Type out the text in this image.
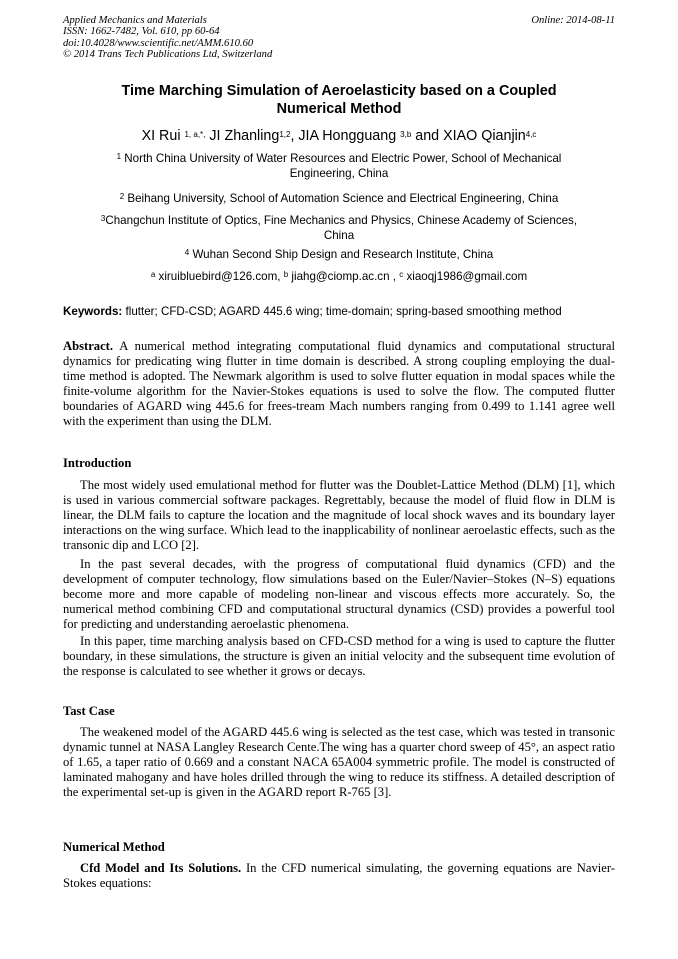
Applied Mechanics and Materials
ISSN: 1662-7482, Vol. 610, pp 60-64
doi:10.4028/www.scientific.net/AMM.610.60
© 2014 Trans Tech Publications Ltd, Switzerland
Online: 2014-08-11
Time Marching Simulation of Aeroelasticity based on a Coupled
Numerical Method
XI Rui $^{1, a,*,}$ JI Zhanling$^{1,2}$, JIA Hongguang $^{3,b}$ and XIAO Qianjin$^{4,c}$
$^1$ North China University of Water Resources and Electric Power, School of Mechanical
Engineering, China
$^2$ Beihang University, School of Automation Science and Electrical Engineering, China
$^3$Changchun Institute of Optics, Fine Mechanics and Physics, Chinese Academy of Sciences,
China
$^4$ Wuhan Second Ship Design and Research Institute, China
$^a$ xiruibluebird@126.com, $^b$ jiahg@ciomp.ac.cn , $^c$ xiaoqj1986@gmail.com
Keywords: flutter; CFD-CSD; AGARD 445.6 wing; time-domain; spring-based smoothing method
Abstract. A numerical method integrating computational fluid dynamics and computational structural dynamics for predicating wing flutter in time domain is described. A strong coupling employing the dual-time method is adopted. The Newmark algorithm is used to solve flutter equation in modal spaces while the finite-volume algorithm for the Navier-Stokes equations is used to solve the flow. The computed flutter boundaries of AGARD wing 445.6 for frees-tream Mach numbers ranging from 0.499 to 1.141 agree well with the experiment than using the DLM.
Introduction
The most widely used emulational method for flutter was the Doublet-Lattice Method (DLM) [1], which is used in various commercial software packages. Regrettably, because the model of fluid flow in DLM is linear, the DLM fails to capture the location and the magnitude of local shock waves and its boundary layer interactions on the wing surface. Which lead to the inapplicability of nonlinear aeroelastic effects, such as the transonic dip and LCO [2].
In the past several decades, with the progress of computational fluid dynamics (CFD) and the development of computer technology, flow simulations based on the Euler/Navier–Stokes (N–S) equations become more and more capable of modeling non-linear and viscous effects more accurately. So, the numerical method combining CFD and computational structural dynamics (CSD) provides a powerful tool for predicting and understanding aeroelastic phenomena.
In this paper, time marching analysis based on CFD-CSD method for a wing is used to capture the flutter boundary, in these simulations, the structure is given an initial velocity and the subsequent time evolution of the response is calculated to see whether it grows or decays.
Tast Case
The weakened model of the AGARD 445.6 wing is selected as the test case, which was tested in transonic dynamic tunnel at NASA Langley Research Cente.The wing has a quarter chord sweep of 45°, an aspect ratio of 1.65, a taper ratio of 0.669 and a constant NACA 65A004 symmetric profile. The model is constructed of laminated mahogany and have holes drilled through the wing to reduce its stiffness. A detailed description of the experimental set-up is given in the AGARD report R-765 [3].
Numerical Method
Cfd Model and Its Solutions. In the CFD numerical simulating, the governing equations are Navier-Stokes equations:
